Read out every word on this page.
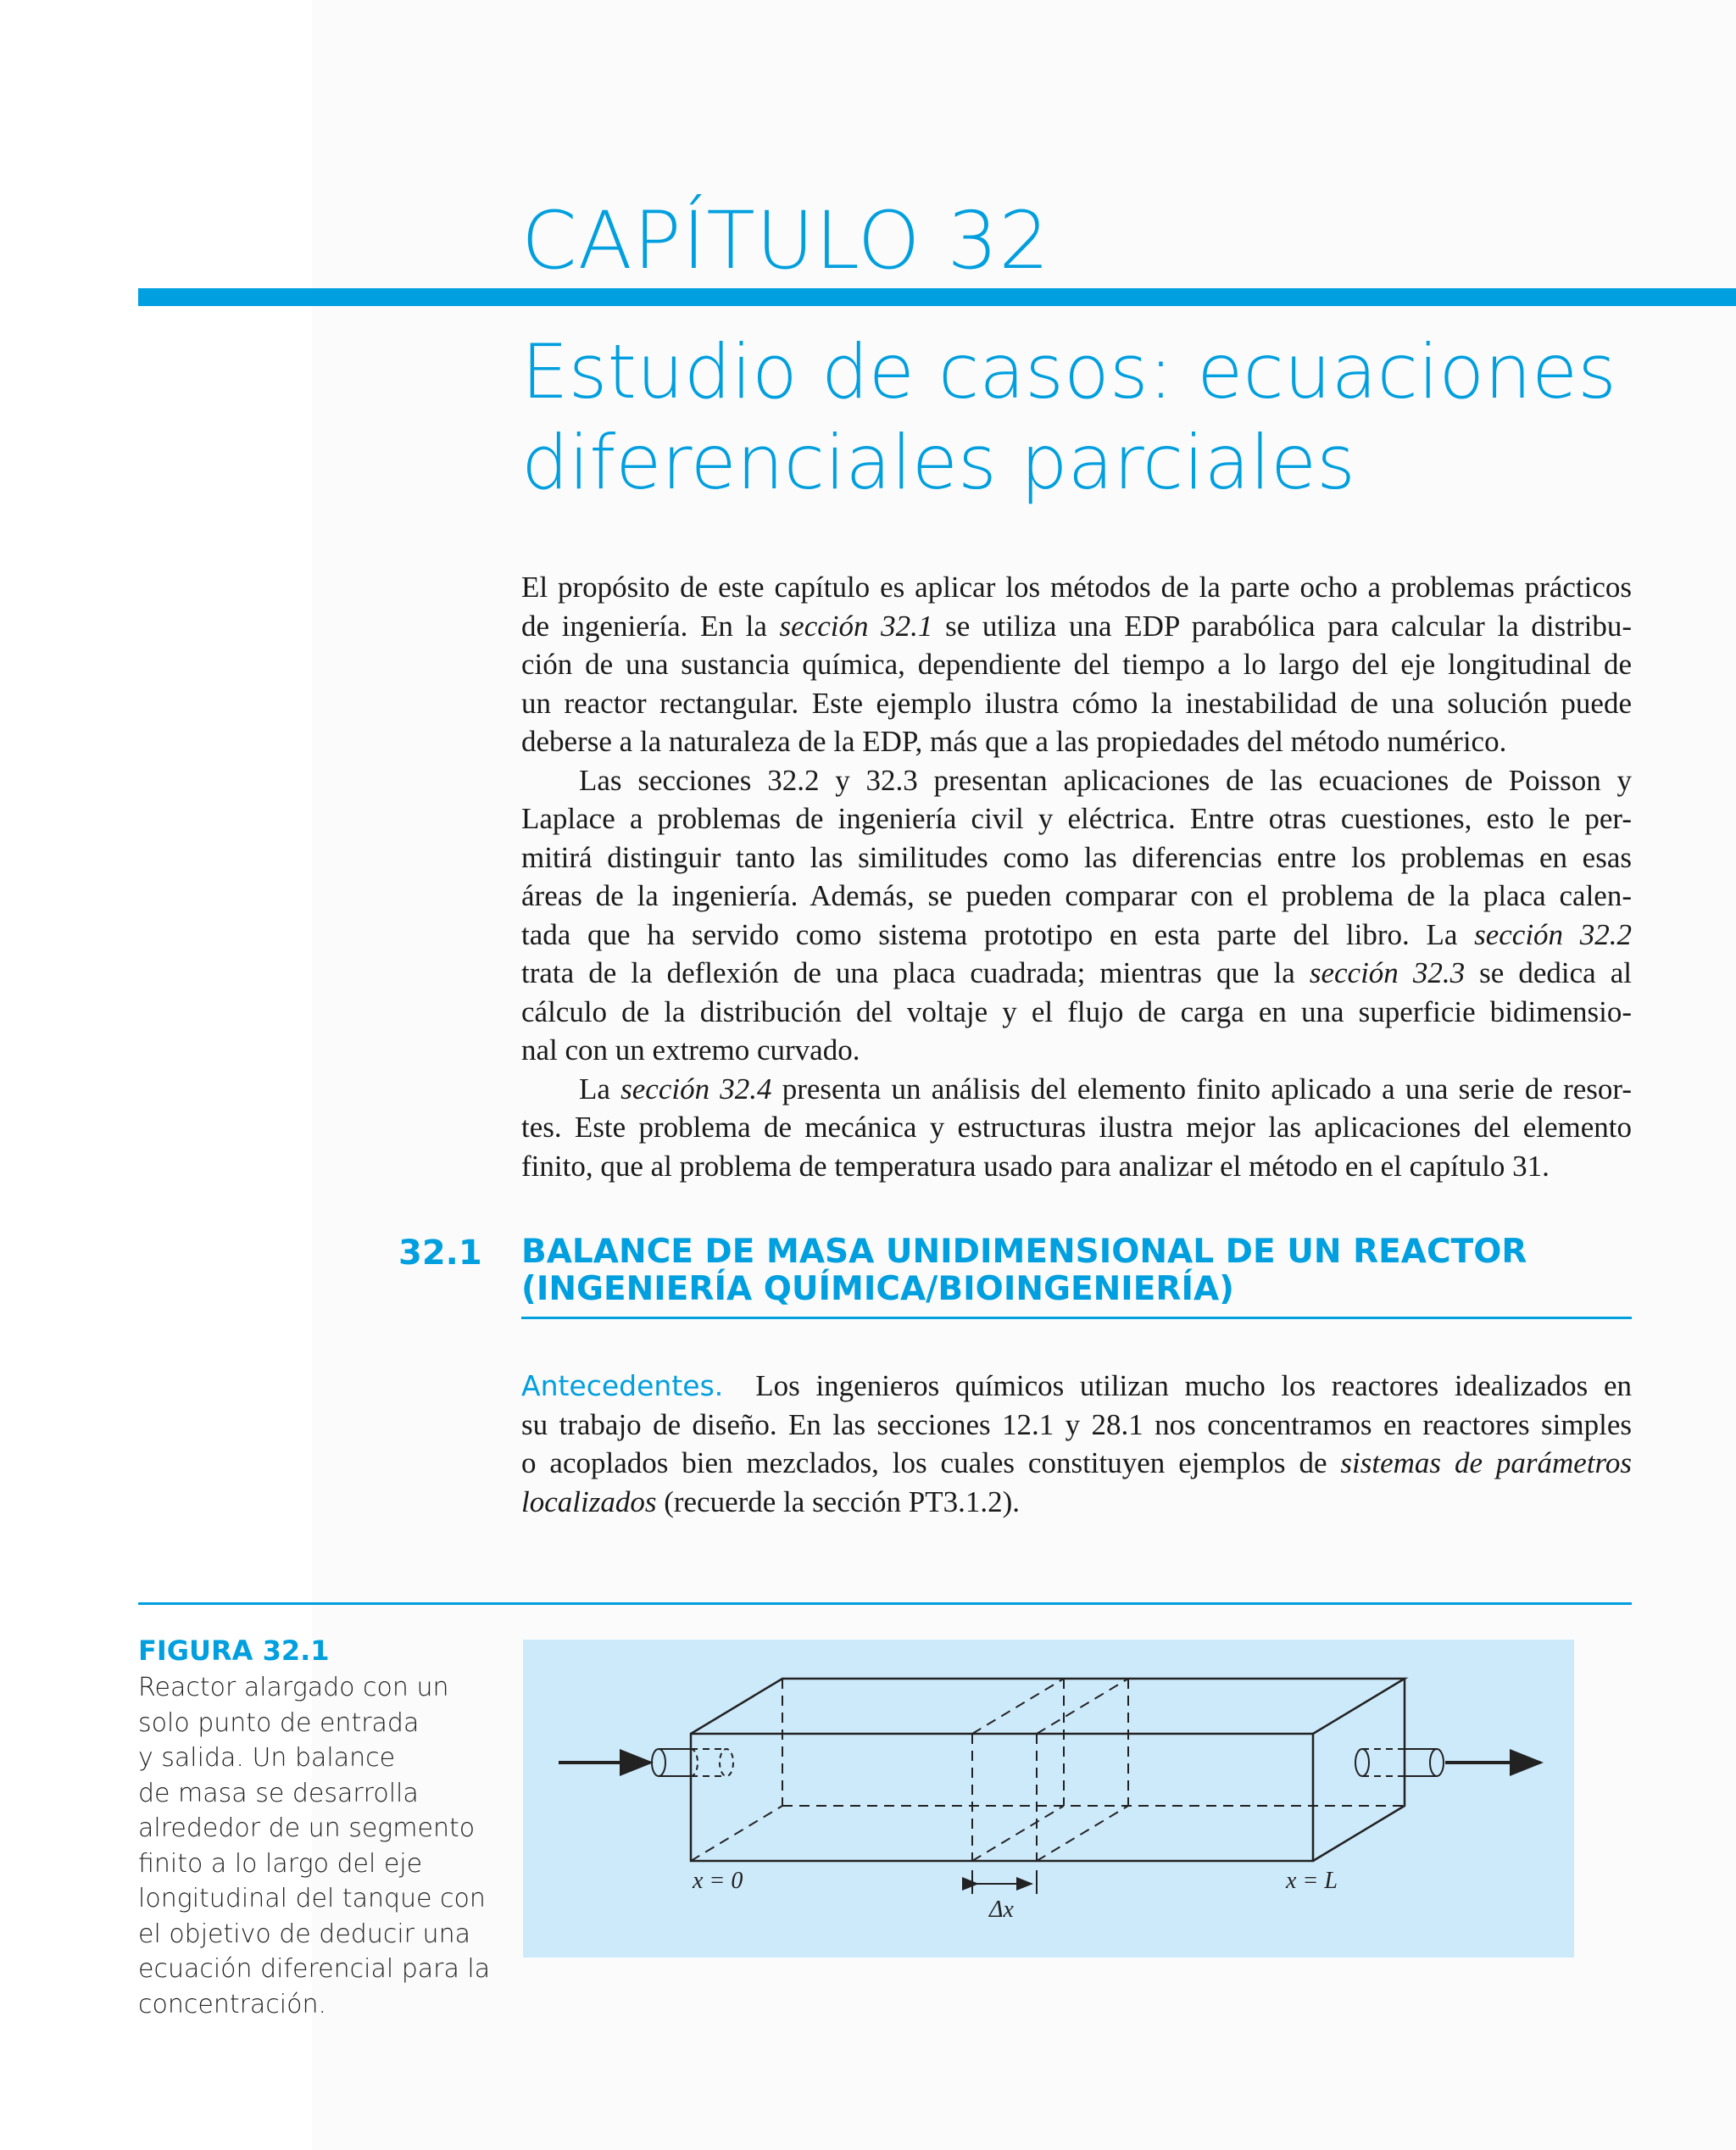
CAPÍTULO 32
Estudio de casos: ecuaciones
diferenciales parciales
El propósito de este capítulo es aplicar los métodos de la parte ocho a problemas prácticos
de ingeniería. En la sección 32.1 se utiliza una EDP parabólica para calcular la distribu-
ción de una sustancia química, dependiente del tiempo a lo largo del eje longitudinal de
un reactor rectangular. Este ejemplo ilustra cómo la inestabilidad de una solución puede
deberse a la naturaleza de la EDP, más que a las propiedades del método numérico.
Las secciones 32.2 y 32.3 presentan aplicaciones de las ecuaciones de Poisson y
Laplace a problemas de ingeniería civil y eléctrica. Entre otras cuestiones, esto le per-
mitirá distinguir tanto las similitudes como las diferencias entre los problemas en esas
áreas de la ingeniería. Además, se pueden comparar con el problema de la placa calen-
tada que ha servido como sistema prototipo en esta parte del libro. La sección 32.2
trata de la deflexión de una placa cuadrada; mientras que la sección 32.3 se dedica al
cálculo de la distribución del voltaje y el flujo de carga en una superficie bidimensio-
nal con un extremo curvado.
La sección 32.4 presenta un análisis del elemento finito aplicado a una serie de resor-
tes. Este problema de mecánica y estructuras ilustra mejor las aplicaciones del elemento
finito, que al problema de temperatura usado para analizar el método en el capítulo 31.
32.1 BALANCE DE MASA UNIDIMENSIONAL DE UN REACTOR
(INGENIERÍA QUÍMICA/BIOINGENIERÍA)
Antecedentes. Los ingenieros químicos utilizan mucho los reactores idealizados en
su trabajo de diseño. En las secciones 12.1 y 28.1 nos concentramos en reactores simples
o acoplados bien mezclados, los cuales constituyen ejemplos de sistemas de parámetros
localizados (recuerde la sección PT3.1.2).
FIGURA 32.1
Reactor alargado con un
solo punto de entrada
y salida. Un balance
de masa se desarrolla
alrededor de un segmento
finito a lo largo del eje
longitudinal del tanque con
el objetivo de deducir una
ecuación diferencial para la
concentración.
x = 0	x = L
Δx
